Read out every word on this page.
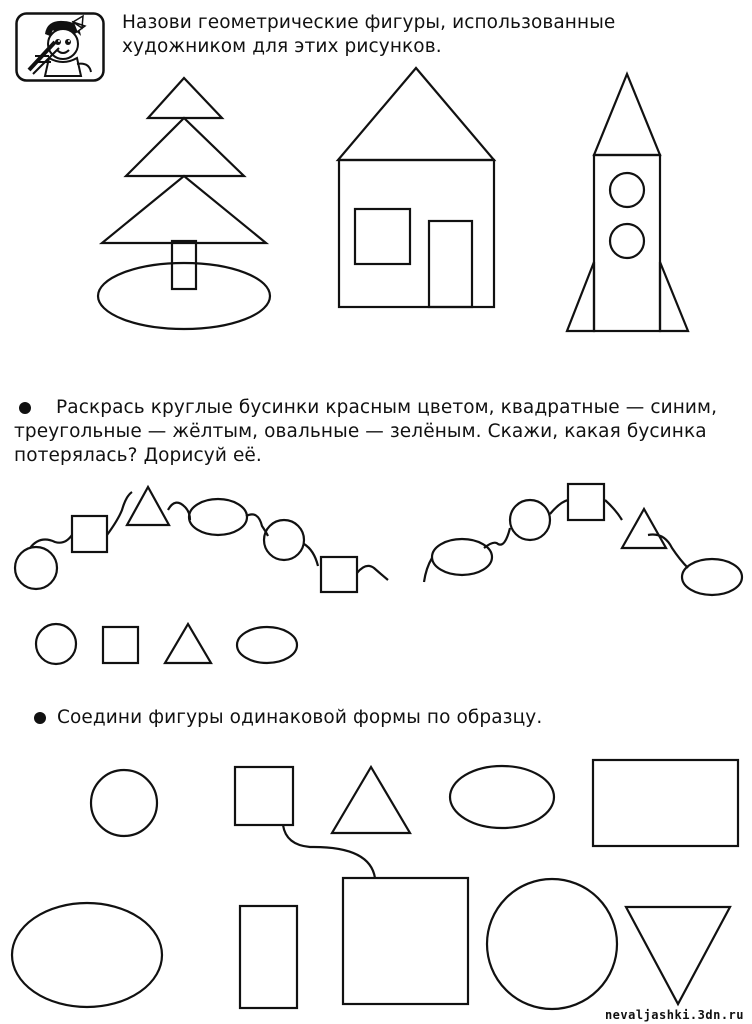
Назови геометрические фигуры, использованные художником для этих рисунков.
Раскрась круглые бусинки красным цветом, квадратные — синим, треугольные — жёлтым, овальные — зелёным. Скажи, какая бусинка потерялась? Дорисуй её.
Соедини фигуры одинаковой формы по образцу.
nevaljashki.3dn.ru
